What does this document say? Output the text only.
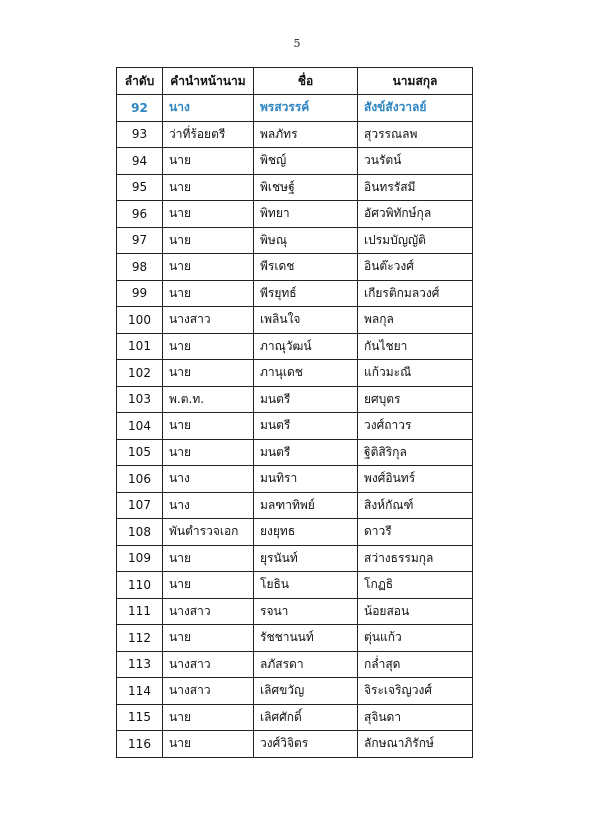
5
ลำดับ	คำนำหน้านาม	ชื่อ	นามสกุล
92	นาง	พรสวรรค์	สังข์สังวาลย์
93	ว่าที่ร้อยตรี	พลภัทร	สุวรรณลพ
94	นาย	พิชญ์	วนรัตน์
95	นาย	พิเชษฐ์	อินทรรัสมี
96	นาย	พิทยา	อัศวพิทักษ์กุล
97	นาย	พิษณุ	เปรมบัญญัติ
98	นาย	พีรเดช	อินต๊ะวงศ์
99	นาย	พีรยุทธ์	เกียรติกมลวงศ์
100	นางสาว	เพลินใจ	พลกุล
101	นาย	ภาณุวัฒน์	กันไชยา
102	นาย	ภานุเดช	แก้วมะณี
103	พ.ต.ท.	มนตรี	ยศบุตร
104	นาย	มนตรี	วงศ์ถาวร
105	นาย	มนตรี	ฐิติสิริกุล
106	นาง	มนทิรา	พงศ์อินทร์
107	นาง	มลฑาทิพย์	สิงห์กัณฑ์
108	พันตำรวจเอก	ยงยุทธ	ดาวรี
109	นาย	ยุรนันท์	สว่างธรรมกุล
110	นาย	โยธิน	โกฏธิ
111	นางสาว	รจนา	น้อยสอน
112	นาย	รัชชานนท์	ตุ่นแก้ว
113	นางสาว	ลภัสรดา	กล่ำสุด
114	นางสาว	เลิศขวัญ	จิระเจริญวงศ์
115	นาย	เลิศศักดิ์	สุจินดา
116	นาย	วงศ์วิจิตร	ลักษณาภิรักษ์
